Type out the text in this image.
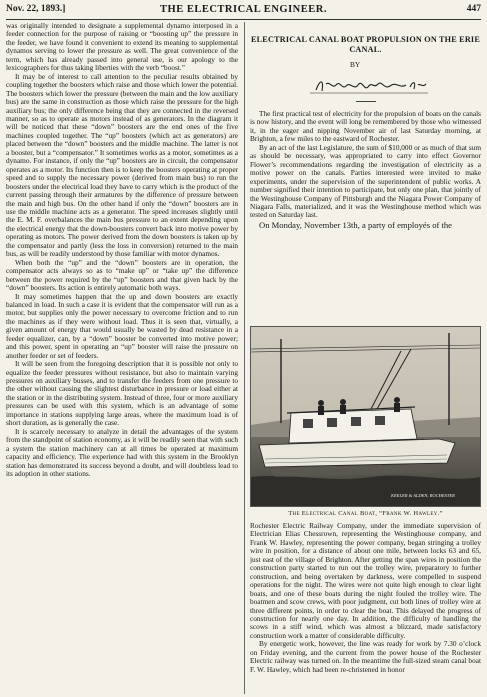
Nov. 22, 1893.]	THE ELECTRICAL ENGINEER.	447

was originally intended to designate a supplemental dynamo interposed in a feeder connection for the purpose of raising or “boosting up” the pressure in the feeder, we have found it convenient to extend its meaning to supplemental dynamos serving to lower the pressure as well. The great convenience of the term, which has already passed into general use, is our apology to the lexicographers for thus taking liberties with the verb “boost.”

It may be of interest to call attention to the peculiar results obtained by coupling together the boosters which raise and those which lower the potential. The boosters which lower the pressure (between the main and the low auxiliary bus) are the same in construction as those which raise the pressure for the high auxiliary bus; the only difference being that they are connected in the reversed manner, so as to operate as motors instead of as generators. In the diagram it will be noticed that these “down” boosters are the end ones of the five machines coupled together. The “up” boosters (which act as generators) are placed between the “down” boosters and the middle machine. The latter is not a booster, but a “compensator.” It sometimes works as a motor, sometimes as a dynamo. For instance, if only the “up” boosters are in circuit, the compensator operates as a motor. Its function then is to keep the boosters operating at proper speed and to supply the necessary power (derived from main bus) to run the boosters under the electrical load they have to carry which is the product of the current passing through their armatures by the difference of pressure between the main and high bus. On the other hand if only the “down” boosters are in use the middle machine acts as a generator. The speed increases slightly until the E. M. F. overbalances the main bus pressure to an extent depending upon the electrical energy that the down-boosters convert back into motive power by operating as motors. The power derived from the down boosters is taken up by the compensator and partly (less the loss in conversion) returned to the main bus, as will be readily understood by those familiar with motor dynamos.

When both the “up” and the “down” boosters are in operation, the compensator acts always so as to “make up” or “take up” the difference between the power required by the “up” boosters and that given back by the “down” boosters. Its action is entirely automatic both ways.

It may sometimes happen that the up and down boosters are exactly balanced in load. In such a case it is evident that the compensator will run as a motor, but supplies only the power necessary to overcome friction and to run the machines as if they were without load. Thus it is seen that, virtually, a given amount of energy that would usually be wasted by dead resistance in a feeder equalizer, can, by a “down” booster be converted into motive power; and this power, spent in operating an “up” booster will raise the pressure on another feeder or set of feeders.

It will be seen from the foregoing description that it is possible not only to equalize the feeder pressures without resistance, but also to maintain varying pressures on auxiliary busses, and to transfer the feeders from one pressure to the other without causing the slightest disturbance in pressure or load either at the station or in the distributing system. Instead of three, four or more auxiliary pressures can be used with this system, which is an advantage of some importance in stations supplying large areas, where the maximum load is of short duration, as is generally the case.

It is scarcely necessary to analyze in detail the advantages of the system from the standpoint of station economy, as it will be readily seen that with such a system the station machinery can at all times be operated at maximum capacity and efficiency. The experience had with this system in the Brooklyn station has demonstrated its success beyond a doubt, and will doubtless lead to its adoption in other stations.

ELECTRICAL CANAL BOAT PROPULSION ON THE ERIE CANAL.
BY

The first practical test of electricity for the propulsion of boats on the canals is now history, and the event will long be remembered by those who witnessed it, in the eager and nipping November air of last Saturday morning, at Brighton, a few miles to the eastward of Rochester.

By an act of the last Legislature, the sum of $10,000 or as much of that sum as should be necessary, was appropriated to carry into effect Governor Flower’s recommendations regarding the investigation of electricity as a motive power on the canals. Parties interested were invited to make experiments, under the supervision of the superintendent of public works. A number signified their intention to participate, but only one plan, that jointly of the Westinghouse Company of Pittsburgh and the Niagara Power Company of Niagara Falls, materialized, and it was the Westinghouse method which was tested on Saturday last.

On Monday, November 13th, a party of employés of the

KEELER & ALDEN, ROCHESTER
The Electrical Canal Boat, “Frank W. Hawley.”

Rochester Electric Railway Company, under the immediate supervision of Electrician Elias Chessrown, representing the Westinghouse company, and Frank W. Hawley, representing the power company, began stringing a trolley wire in position, for a distance of about one mile, between locks 63 and 65, just east of the village of Brighton. After getting the span wires in position the construction party started to run out the trolley wire, preparatory to further construction, and being overtaken by darkness, were compelled to suspend operations for the night. The wires were not quite high enough to clear light boats, and one of these boats during the night fouled the trolley wire. The boatmen and scow crews, with poor judgment, cut both lines of trolley wire at three different points, in order to clear the boat. This delayed the progress of construction for nearly one day. In addition, the difficulty of handling the scows in a stiff wind, which was almost a blizzard, made satisfactory construction work a matter of considerable difficulty.

By energetic work, however, the line was ready for work by 7.30 o’clock on Friday evening, and the current from the power house of the Rochester Electric railway was turned on. In the meantime the full-sized steam canal boat F. W. Hawley, which had been re-christened in honor
